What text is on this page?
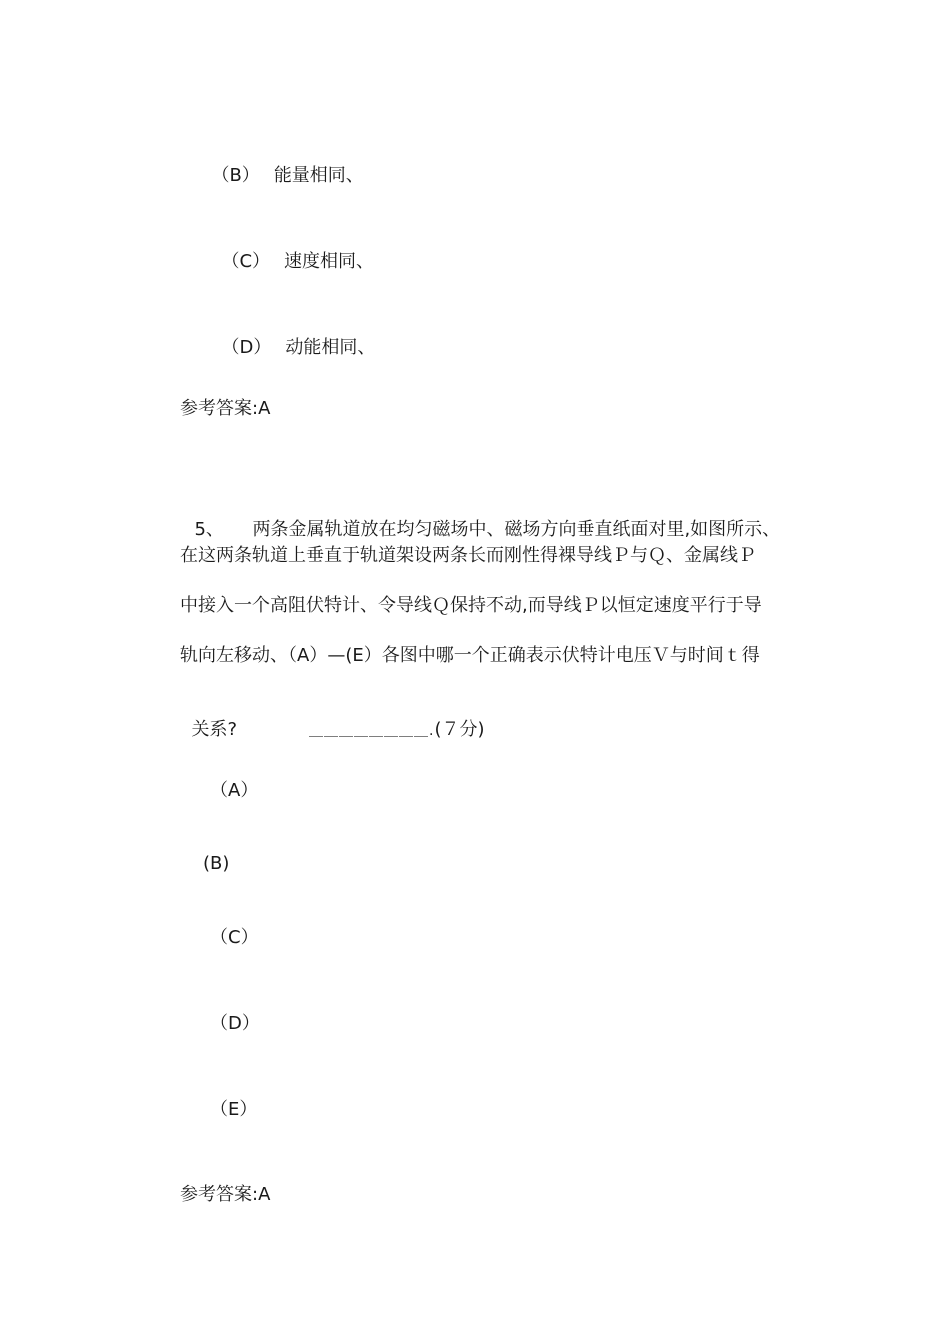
（B） 能量相同、

（C） 速度相同、

（D） 动能相同、

参考答案:A

5、 两条金属轨道放在均匀磁场中、磁场方向垂直纸面对里,如图所示、

在这两条轨道上垂直于轨道架设两条长而刚性得裸导线Ｐ与Ｑ、金属线Ｐ
中接入一个高阻伏特计、令导线Ｑ保持不动,而导线Ｐ以恒定速度平行于导
轨向左移动、（A）—(E）各图中哪一个正确表示伏特计电压Ｖ与时间ｔ得

关系?	＿＿＿＿＿＿＿＿.(７分)

（A）
(B)
（C）
（D）
（E）
参考答案:A
